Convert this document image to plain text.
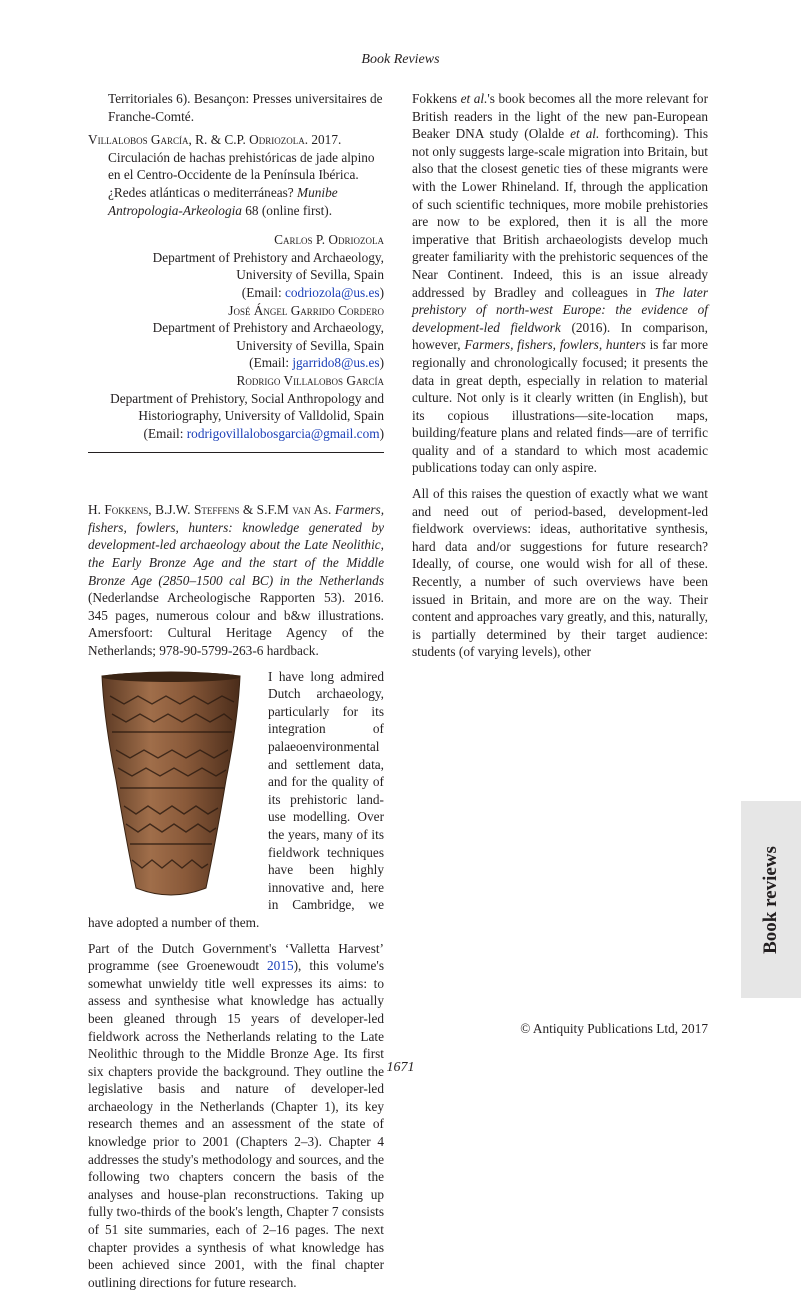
Book Reviews
Territoriales 6). Besançon: Presses universitaires de Franche-Comté.
Villalobos García, R. & C.P. Odriozola. 2017. Circulación de hachas prehistóricas de jade alpino en el Centro-Occidente de la Península Ibérica. ¿Redes atlánticas o mediterráneas? Munibe Antropologia-Arkeologia 68 (online first).
Carlos P. Odriozola
Department of Prehistory and Archaeology,
University of Sevilla, Spain
(Email: codriozola@us.es)
José Ángel Garrido Cordero
Department of Prehistory and Archaeology,
University of Sevilla, Spain
(Email: jgarrido8@us.es)
Rodrigo Villalobos García
Department of Prehistory, Social Anthropology and
Historiography, University of Valldolid, Spain
(Email: rodrigovillalobosgarcia@gmail.com)

H. Fokkens, B.J.W. Steffens & S.F.M van As. Farmers, fishers, fowlers, hunters: knowledge generated by development-led archaeology about the Late Neolithic, the Early Bronze Age and the start of the Middle Bronze Age (2850–1500 cal BC) in the Netherlands (Nederlandse Archeologische Rapporten 53). 2016. 345 pages, numerous colour and b&w illustrations. Amersfoort: Cultural Heritage Agency of the Netherlands; 978-90-5799-263-6 hardback.

I have long admired Dutch archaeology, particularly for its integration of palaeoenvironmental and settlement data, and for the quality of its prehistoric land-use modelling. Over the years, many of its fieldwork techniques have been highly innovative and, here in Cambridge, we have adopted a number of them.

Part of the Dutch Government's ‘Valletta Harvest’ programme (see Groenewoudt 2015), this volume's somewhat unwieldy title well expresses its aims: to assess and synthesise what knowledge has actually been gleaned through 15 years of developer-led fieldwork across the Netherlands relating to the Late Neolithic through to the Middle Bronze Age. Its first six chapters provide the background. They outline the legislative basis and nature of developer-led archaeology in the Netherlands (Chapter 1), its key research themes and an assessment of the state of knowledge prior to 2001 (Chapters 2–3). Chapter 4 addresses the study's methodology and sources, and the following two chapters concern the basis of the analyses and house-plan reconstructions. Taking up fully two-thirds of the book's length, Chapter 7 consists of 51 site summaries, each of 2–16 pages. The next chapter provides a synthesis of what knowledge has been achieved since 2001, with the final chapter outlining directions for future research.

Fokkens et al.'s book becomes all the more relevant for British readers in the light of the new pan-European Beaker DNA study (Olalde et al. forthcoming). This not only suggests large-scale migration into Britain, but also that the closest genetic ties of these migrants were with the Lower Rhineland. If, through the application of such scientific techniques, more mobile prehistories are now to be explored, then it is all the more imperative that British archaeologists develop much greater familiarity with the prehistoric sequences of the Near Continent. Indeed, this is an issue already addressed by Bradley and colleagues in The later prehistory of north-west Europe: the evidence of development-led fieldwork (2016). In comparison, however, Farmers, fishers, fowlers, hunters is far more regionally and chronologically focused; it presents the data in great depth, especially in relation to material culture. Not only is it clearly written (in English), but its copious illustrations—site-location maps, building/feature plans and related finds—are of terrific quality and of a standard to which most academic publications today can only aspire.

All of this raises the question of exactly what we want and need out of period-based, development-led fieldwork overviews: ideas, authoritative synthesis, hard data and/or suggestions for future research? Ideally, of course, one would wish for all of these. Recently, a number of such overviews have been issued in Britain, and more are on the way. Their content and approaches vary greatly, and this, naturally, is partially determined by their target audience: students (of varying levels), other

Book reviews
© Antiquity Publications Ltd, 2017
1671
